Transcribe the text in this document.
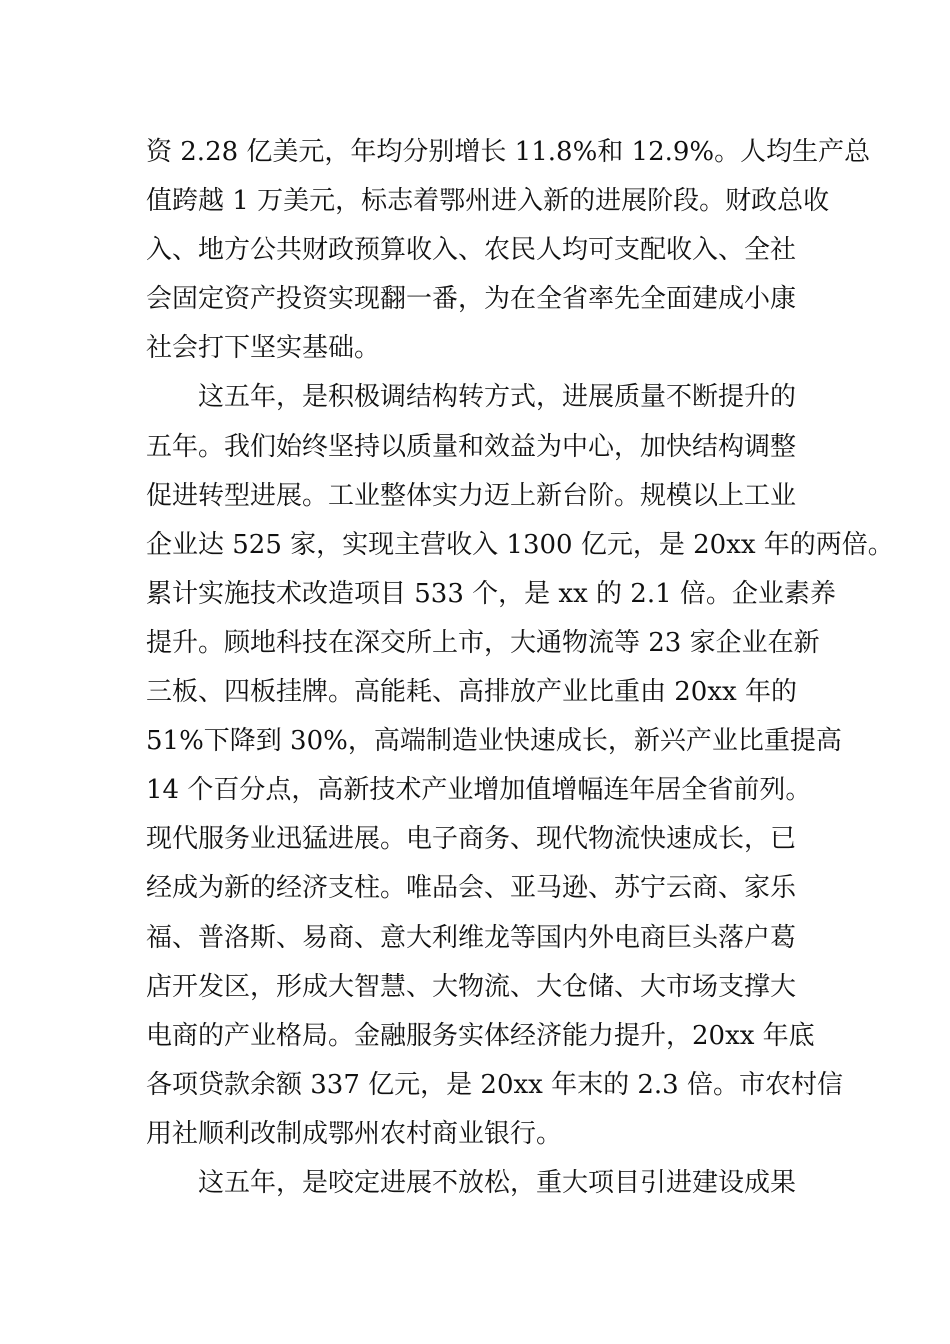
资 2.28 亿美元，年均分别增长 11.8%和 12.9%。人均生产总
值跨越 1 万美元，标志着鄂州进入新的进展阶段。财政总收
入、地方公共财政预算收入、农民人均可支配收入、全社
会固定资产投资实现翻一番，为在全省率先全面建成小康
社会打下坚实基础。
这五年，是积极调结构转方式，进展质量不断提升的
五年。我们始终坚持以质量和效益为中心，加快结构调整
促进转型进展。工业整体实力迈上新台阶。规模以上工业
企业达 525 家，实现主营收入 1300 亿元，是 20xx 年的两倍。
累计实施技术改造项目 533 个，是 xx 的 2.1 倍。企业素养
提升。顾地科技在深交所上市，大通物流等 23 家企业在新
三板、四板挂牌。高能耗、高排放产业比重由 20xx 年的
51%下降到 30%，高端制造业快速成长，新兴产业比重提高
14 个百分点，高新技术产业增加值增幅连年居全省前列。
现代服务业迅猛进展。电子商务、现代物流快速成长，已
经成为新的经济支柱。唯品会、亚马逊、苏宁云商、家乐
福、普洛斯、易商、意大利维龙等国内外电商巨头落户葛
店开发区，形成大智慧、大物流、大仓储、大市场支撑大
电商的产业格局。金融服务实体经济能力提升，20xx 年底
各项贷款余额 337 亿元，是 20xx 年末的 2.3 倍。市农村信
用社顺利改制成鄂州农村商业银行。
这五年，是咬定进展不放松，重大项目引进建设成果
